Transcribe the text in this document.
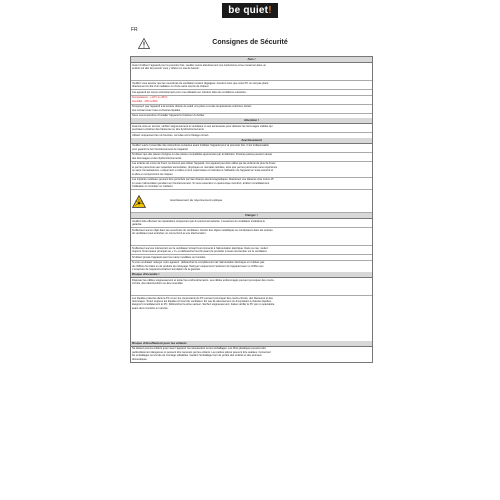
be quiet!
FR
Consignes de Sécurité
Avis !
Avant d’utiliser l’appareil pour la première fois, veuillez suivre attentivement ces instructions et les conserver dans un
endroit sûr afin de pouvoir vous y référer en cas de besoin.
Veuillez vous assurer que les ouvertures de ventilation restent dégagées. Assurez-vous que votre PC ne soit pas placé
directement à côté d’un radiateur ou d’une autre source de chaleur.
Cet appareil est conçu exclusivement pour une utilisation en intérieur dans les conditions suivantes :
Températures : +10°C à +35°C
Humidité : 20% à 80%
N’exposez pas l’appareil à la lumière directe du soleil, à la pluie ou à des températures extrêmes. Évitez
tout contact avec l’eau et d’autres liquides.
Nous recommandons d’installer l’appareil à l’intérieur du boîtier.
Attention !
Avant la mise en service, vérifiez soigneusement le ventilateur et ses accessoires pour détecter les dommages visibles qui
pourraient entraîner des blessures ou des dysfonctionnements.
Utilisez uniquement les vis fournies, car elles ont le filetage correct.
Avertissement
Veuillez suivre l’ensemble des instructions suivantes avant d’utiliser l’appareil pour la première fois. C’est indispensable
pour garantir le bon fonctionnement de l’appareil.
N’utilisez que des pièces d’origine ou des pièces compatibles approuvées par le fabricant. D’autres pièces peuvent causer
des dommages et des dysfonctionnements.
Les enfants de moins de 8 ans ne doivent pas utiliser l’appareil. Cet appareil peut être utilisé par les enfants de plus de 8 ans
et par les personnes aux capacités sensorielles, physiques ou mentales réduites, ainsi que par les personnes sans expérience
ou sans connaissances, uniquement si celles-ci sont supervisées et instruites à l’utilisation de l’appareil en toute sécurité et
si elles en comprennent les risques.
Les implants médicaux peuvent être perturbés par des champs électromagnétiques. Maintenez une distance d’au moins 15
cm avec l’alimentation pendant son fonctionnement. Si vous ressentez un quelconque inconfort, arrêtez immédiatement
l’utilisation et consultez un médecin.
Avertissement de rayonnement optique
Danger !
Veuillez faire effectuer les réparations uniquement par du personnel autorisé. L’ouverture du ventilateur invalidera la
garantie.
N’effectuez aucun objet dans les ouvertures du ventilateur. Insérer des objets métalliques ou conducteurs dans les entrées
du ventilateur peut entraîner un court-circuit et une électrocution.
N’effectuez aucune intervention sur le ventilateur lorsqu’il est connecté à l’alimentation électrique. Dans ce cas, mettez
toujours l’interrupteur principal sur « 0 » et débranchez les fils avant de procéder à toute intervention sur le ventilateur.
N’utilisez jamais l’appareil avec les mains mouillées ou humides.
Si vous souhaitez nettoyer votre appareil : débranchez-le complètement de l’alimentation électrique et n’utilisez pas
de chiffons humides ou de produits de nettoyage. Nettoyez uniquement l’extérieur de l’appareil avec un chiffon sec.
L’ouverture de l’appareil entraîne l’annulation de la garantie.
Risque d’incendie !
Disposez les câbles soigneusement et évitez les enchevêtrements. Les câbles endommagés peuvent provoquer des courts-
circuits, des électrocutions ou des incendies.
Les liquides présents dans le PC et sur les composants du PC peuvent provoquer des courts-circuits, des blessures et des
dommages. Tenez toujours les liquides à l’écart du ventilateur. En cas de déversement ou d’exposition à d’autres liquides :
éteignez immédiatement le PC. Débranchez la prise secteur. Séchez soigneusement. Faites vérifier le PC par un spécialiste
avant de le remettre en service.
Risque d’étouffement pour les enfants
Ne laissez pas les enfants jouer avec l’appareil, les accessoires ou les emballages. Les films plastiques peuvent être
particulièrement dangereux et peuvent être ramenés par les enfants. Les petites pièces peuvent être avalées. Conservez
les emballages ou les kits de montage utilisables. Gardez l’emballage hors de portée des enfants et des animaux
domestiques.
